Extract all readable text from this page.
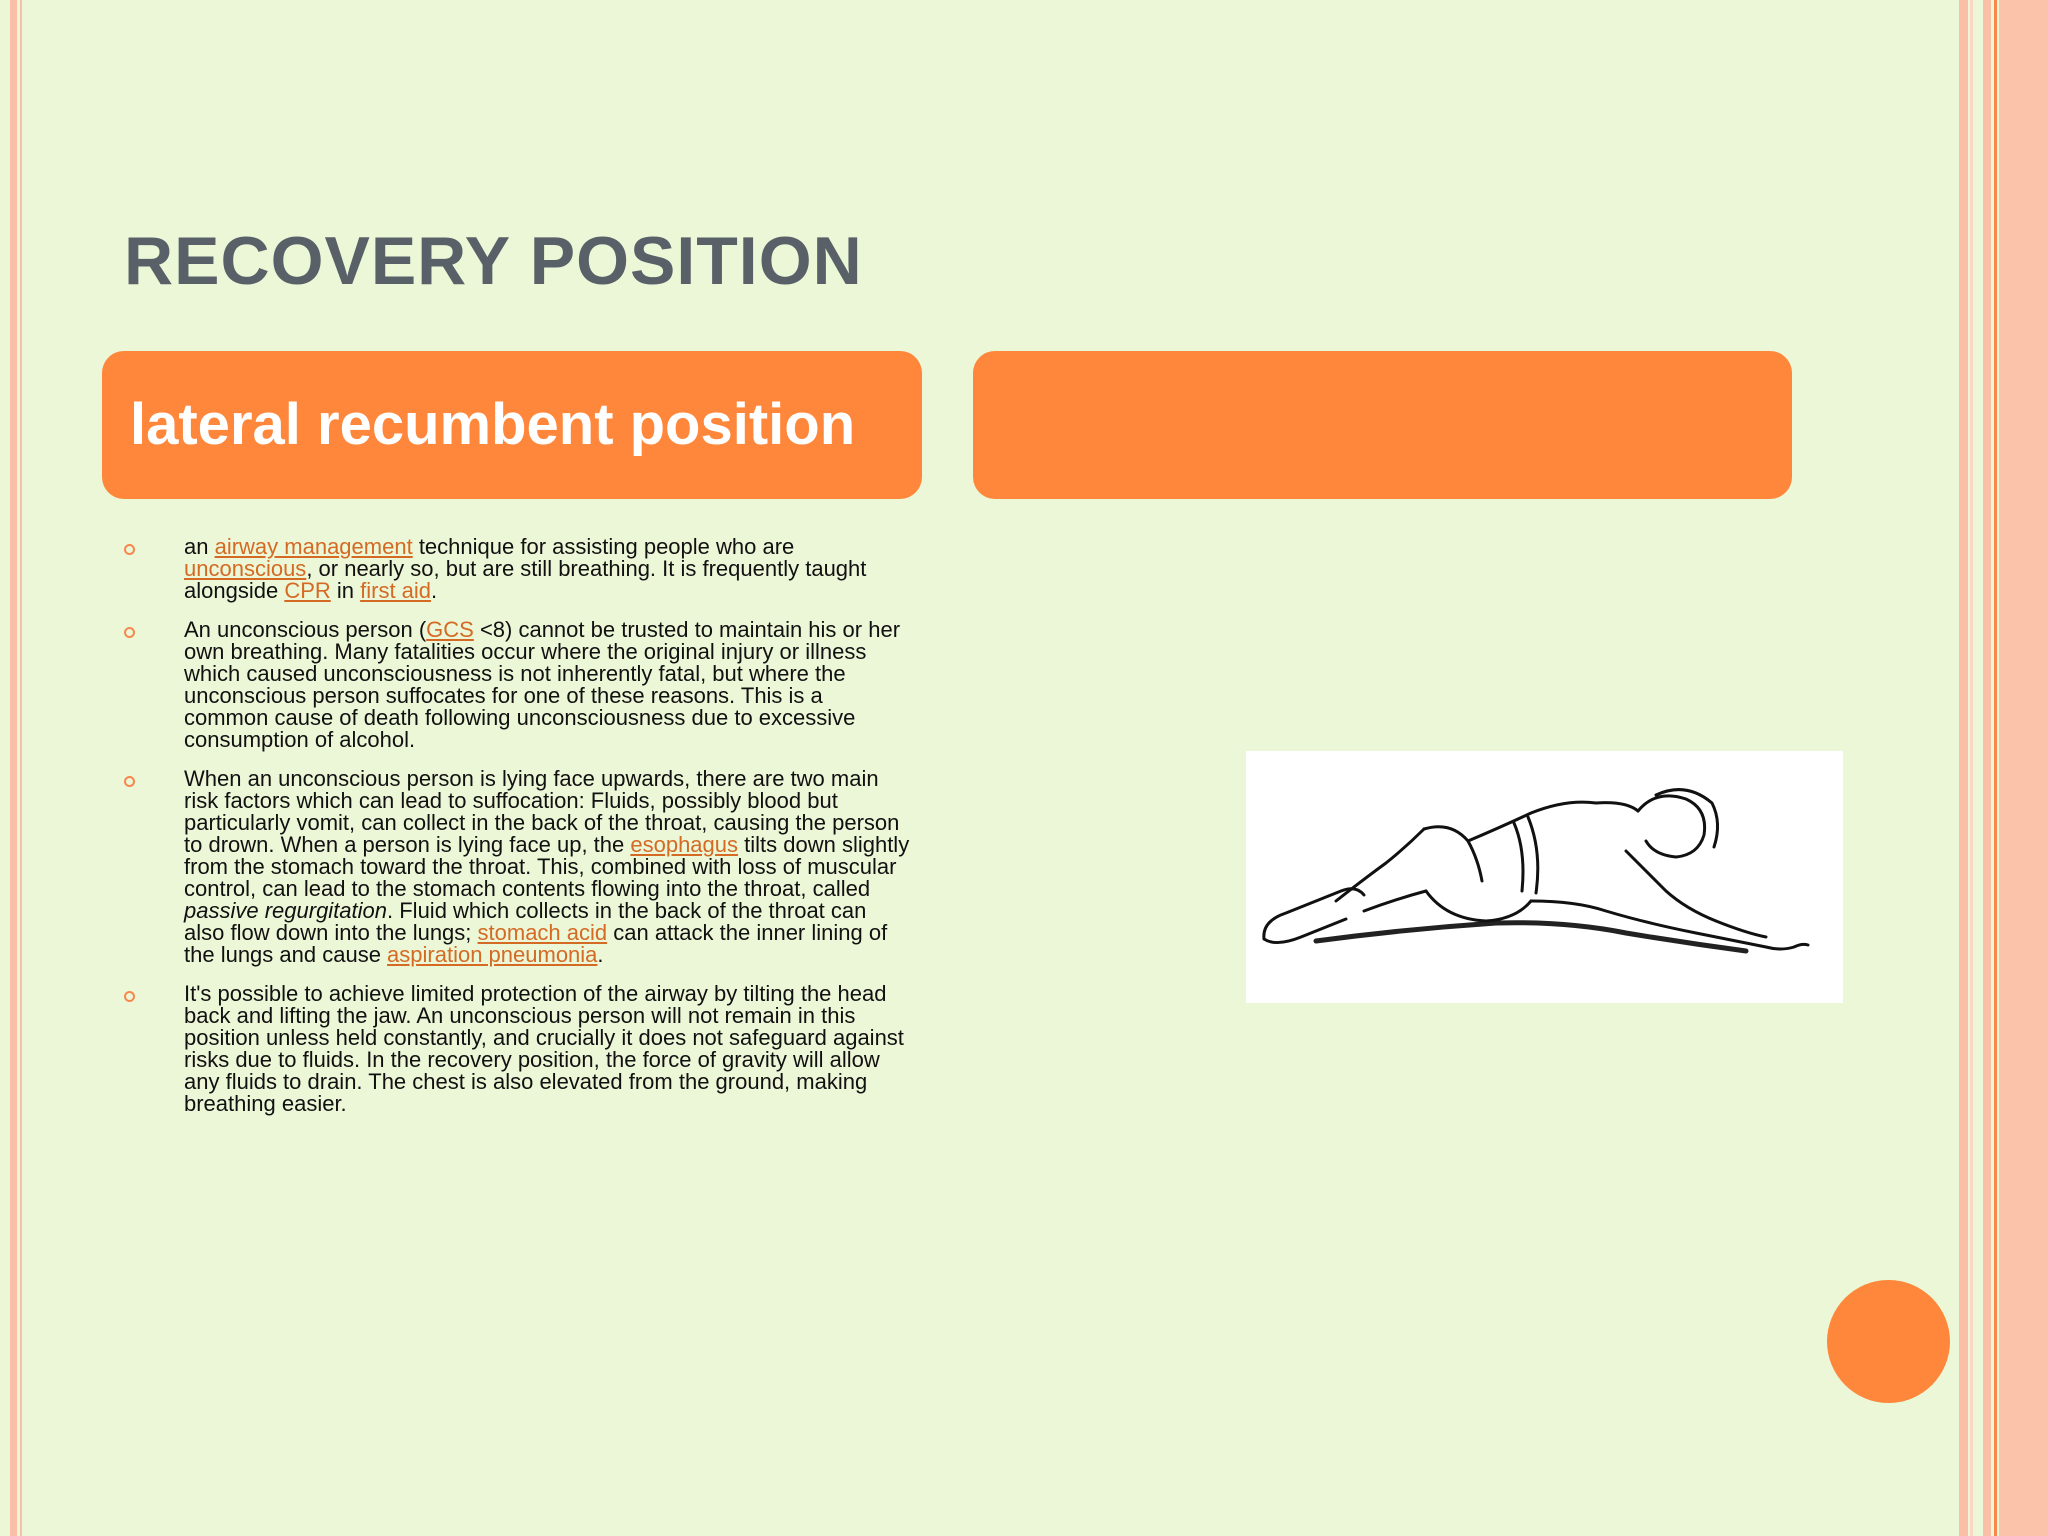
RECOVERY POSITION
lateral recumbent position
an airway management technique for assisting people who are unconscious, or nearly so, but are still breathing. It is frequently taught alongside CPR in first aid.
An unconscious person (GCS <8) cannot be trusted to maintain his or her own breathing. Many fatalities occur where the original injury or illness which caused unconsciousness is not inherently fatal, but where the unconscious person suffocates for one of these reasons. This is a common cause of death following unconsciousness due to excessive consumption of alcohol.
When an unconscious person is lying face upwards, there are two main risk factors which can lead to suffocation: Fluids, possibly blood but particularly vomit, can collect in the back of the throat, causing the person to drown. When a person is lying face up, the esophagus tilts down slightly from the stomach toward the throat. This, combined with loss of muscular control, can lead to the stomach contents flowing into the throat, called passive regurgitation. Fluid which collects in the back of the throat can also flow down into the lungs; stomach acid can attack the inner lining of the lungs and cause aspiration pneumonia.
It's possible to achieve limited protection of the airway by tilting the head back and lifting the jaw. An unconscious person will not remain in this position unless held constantly, and crucially it does not safeguard against risks due to fluids. In the recovery position, the force of gravity will allow any fluids to drain. The chest is also elevated from the ground, making breathing easier.
